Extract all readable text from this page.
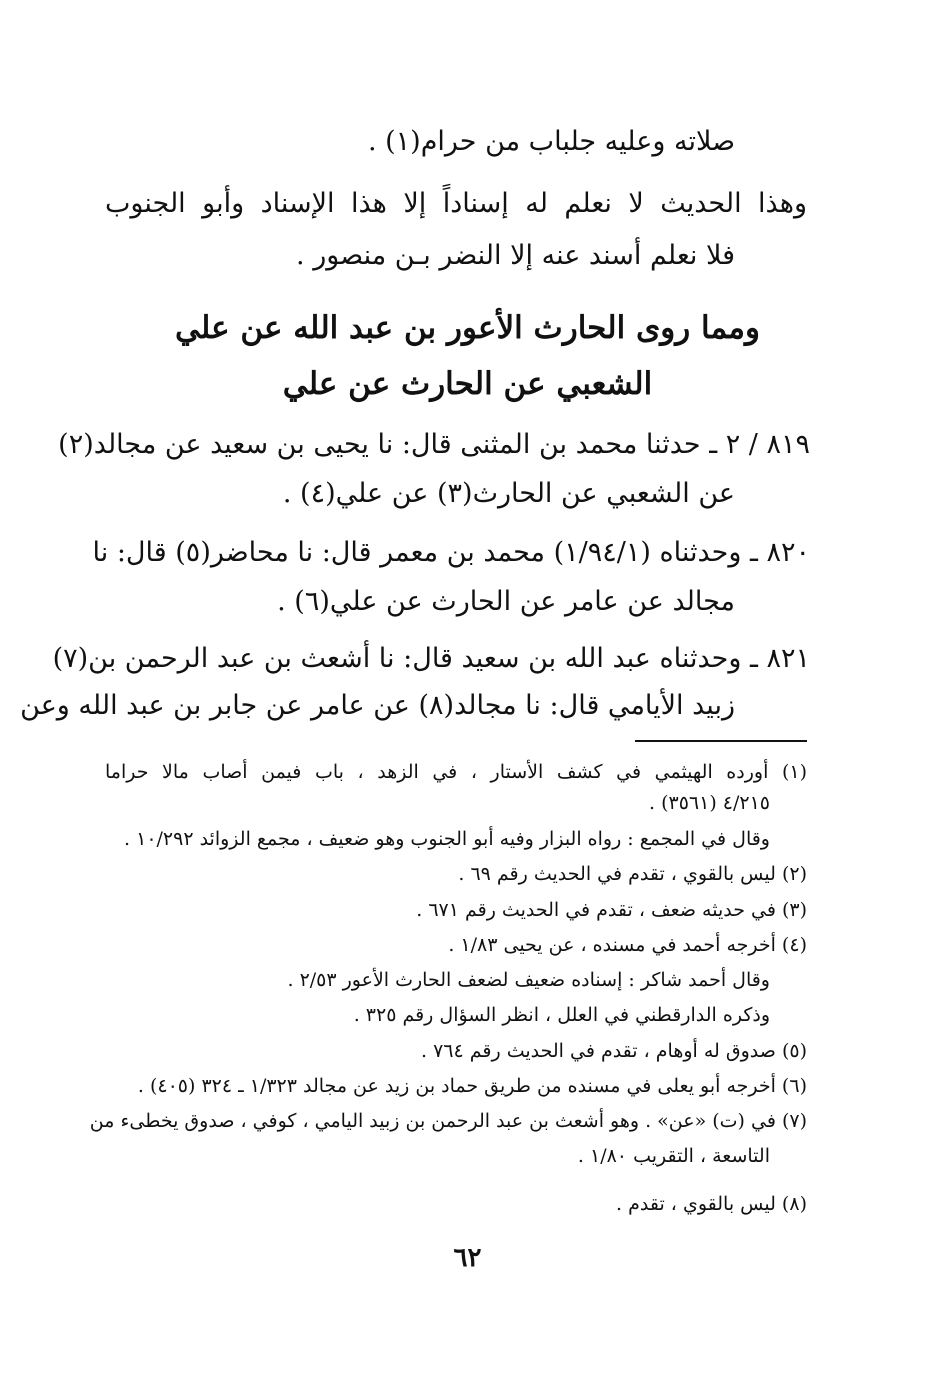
صلاته وعليه جلباب من حرام(١) .
وهذا الحديث لا نعلم له إسناداً إلا هذا الإسناد وأبو الجنوب
فلا نعلم أسند عنه إلا النضر بـن منصور .
ومما روى الحارث الأعور بن عبد الله عن علي
الشعبي عن الحارث عن علي
٨١٩ / ٢ ـ حدثنا محمد بن المثنى قال: نا يحيى بن سعيد عن مجالد(٢)
عن الشعبي عن الحارث(٣) عن علي(٤) .
٨٢٠ ـ وحدثناه (١/٩٤/١) محمد بن معمر قال: نا محاضر(٥) قال: نا
مجالد عن عامر عن الحارث عن علي(٦) .
٨٢١ ـ وحدثناه عبد الله بن سعيد قال: نا أشعث بن عبد الرحمن بن(٧)
زبيد الأيامي قال: نا مجالد(٨) عن عامر عن جابر بن عبد الله وعن
(١) أورده الهيثمي في كشف الأستار ، في الزهد ، باب فيمن أصاب مالا حراما
٤/٢١٥ (٣٥٦١) .
وقال في المجمع : رواه البزار وفيه أبو الجنوب وهو ضعيف ، مجمع الزوائد ١٠/٢٩٢ .
(٢) ليس بالقوي ، تقدم في الحديث رقم ٦٩ .
(٣) في حديثه ضعف ، تقدم في الحديث رقم ٦٧١ .
(٤) أخرجه أحمد في مسنده ، عن يحيى ١/٨٣ .
وقال أحمد شاكر : إسناده ضعيف لضعف الحارث الأعور ٢/٥٣ .
وذكره الدارقطني في العلل ، انظر السؤال رقم ٣٢٥ .
(٥) صدوق له أوهام ، تقدم في الحديث رقم ٧٦٤ .
(٦) أخرجه أبو يعلى في مسنده من طريق حماد بن زيد عن مجالد ١/٣٢٣ ـ ٣٢٤ (٤٠٥) .
(٧) في (ت) «عن» . وهو أشعث بن عبد الرحمن بن زبيد اليامي ، كوفي ، صدوق يخطىء من
التاسعة ، التقريب ١/٨٠ .
(٨) ليس بالقوي ، تقدم .
٦٢
